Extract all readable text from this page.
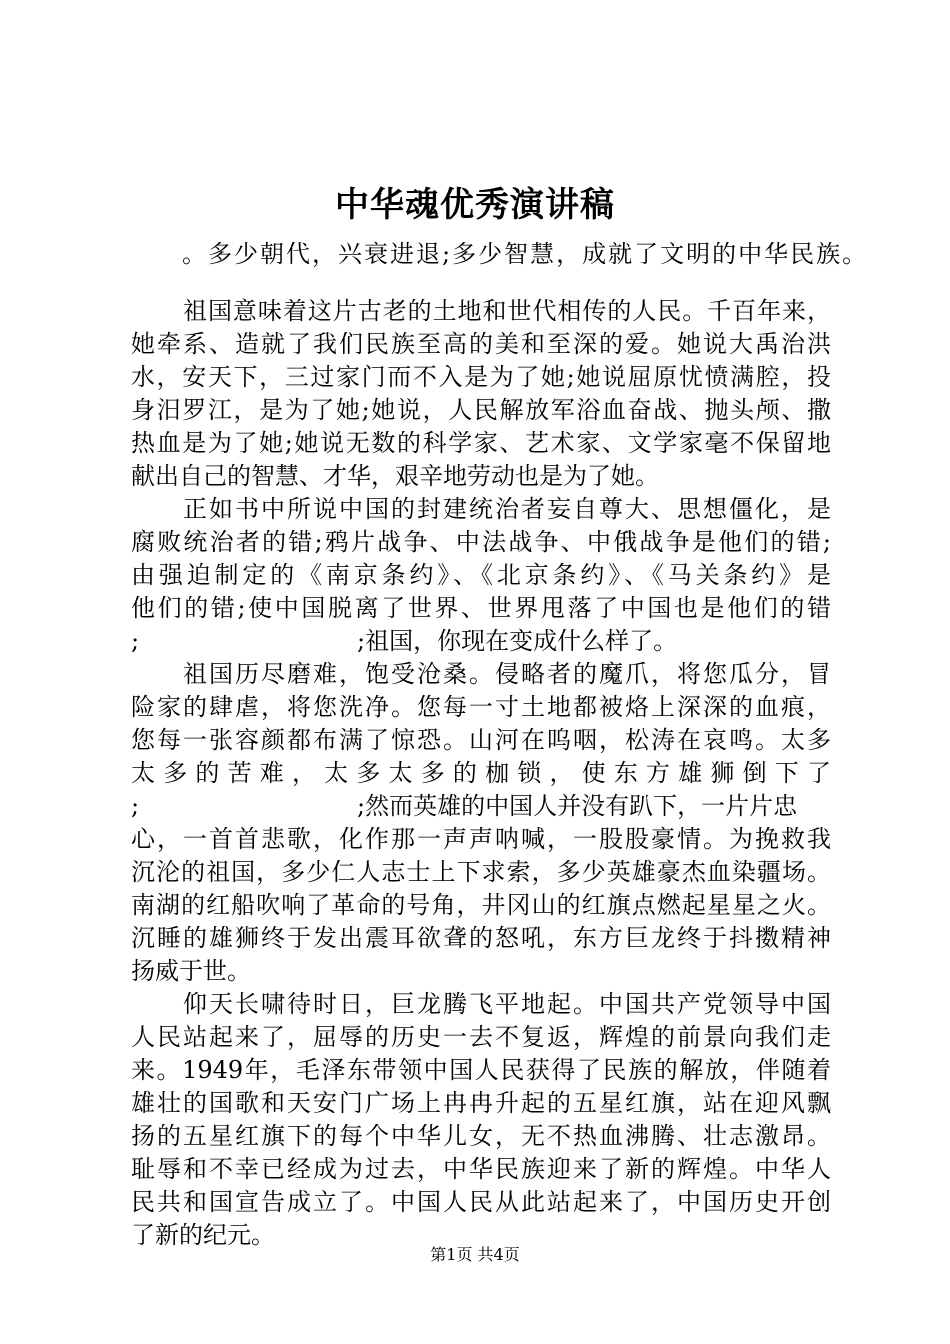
中华魂优秀演讲稿
。多少朝代，兴衰进退;多少智慧，成就了文明的中华民族。
祖国意味着这片古老的土地和世代相传的人民。千百年来，
她牵系、造就了我们民族至高的美和至深的爱。她说大禹治洪
水，安天下，三过家门而不入是为了她;她说屈原忧愤满腔，投
身汨罗江，是为了她;她说，人民解放军浴血奋战、抛头颅、撒
热血是为了她;她说无数的科学家、艺术家、文学家毫不保留地
献出自己的智慧、才华，艰辛地劳动也是为了她。
正如书中所说中国的封建统治者妄自尊大、思想僵化，是
腐败统治者的错;鸦片战争、中法战争、中俄战争是他们的错;
由强迫制定的《南京条约》、《北京条约》、《马关条约》是
他们的错;使中国脱离了世界、世界甩落了中国也是他们的错
;	;祖国，你现在变成什么样了。
祖国历尽磨难，饱受沧桑。侵略者的魔爪，将您瓜分，冒
险家的肆虐，将您洗净。您每一寸土地都被烙上深深的血痕，
您每一张容颜都布满了惊恐。山河在呜咽，松涛在哀鸣。太多
太多的苦难，太多太多的枷锁，使东方雄狮倒下了
;	;然而英雄的中国人并没有趴下，一片片忠
心，一首首悲歌，化作那一声声呐喊，一股股豪情。为挽救我
沉沦的祖国，多少仁人志士上下求索，多少英雄豪杰血染疆场。
南湖的红船吹响了革命的号角，井冈山的红旗点燃起星星之火。
沉睡的雄狮终于发出震耳欲聋的怒吼，东方巨龙终于抖擞精神
扬威于世。
仰天长啸待时日，巨龙腾飞平地起。中国共产党领导中国
人民站起来了，屈辱的历史一去不复返，辉煌的前景向我们走
来。1949年，毛泽东带领中国人民获得了民族的解放，伴随着
雄壮的国歌和天安门广场上冉冉升起的五星红旗，站在迎风飘
扬的五星红旗下的每个中华儿女，无不热血沸腾、壮志激昂。
耻辱和不幸已经成为过去，中华民族迎来了新的辉煌。中华人
民共和国宣告成立了。中国人民从此站起来了，中国历史开创
了新的纪元。
第1页 共4页
